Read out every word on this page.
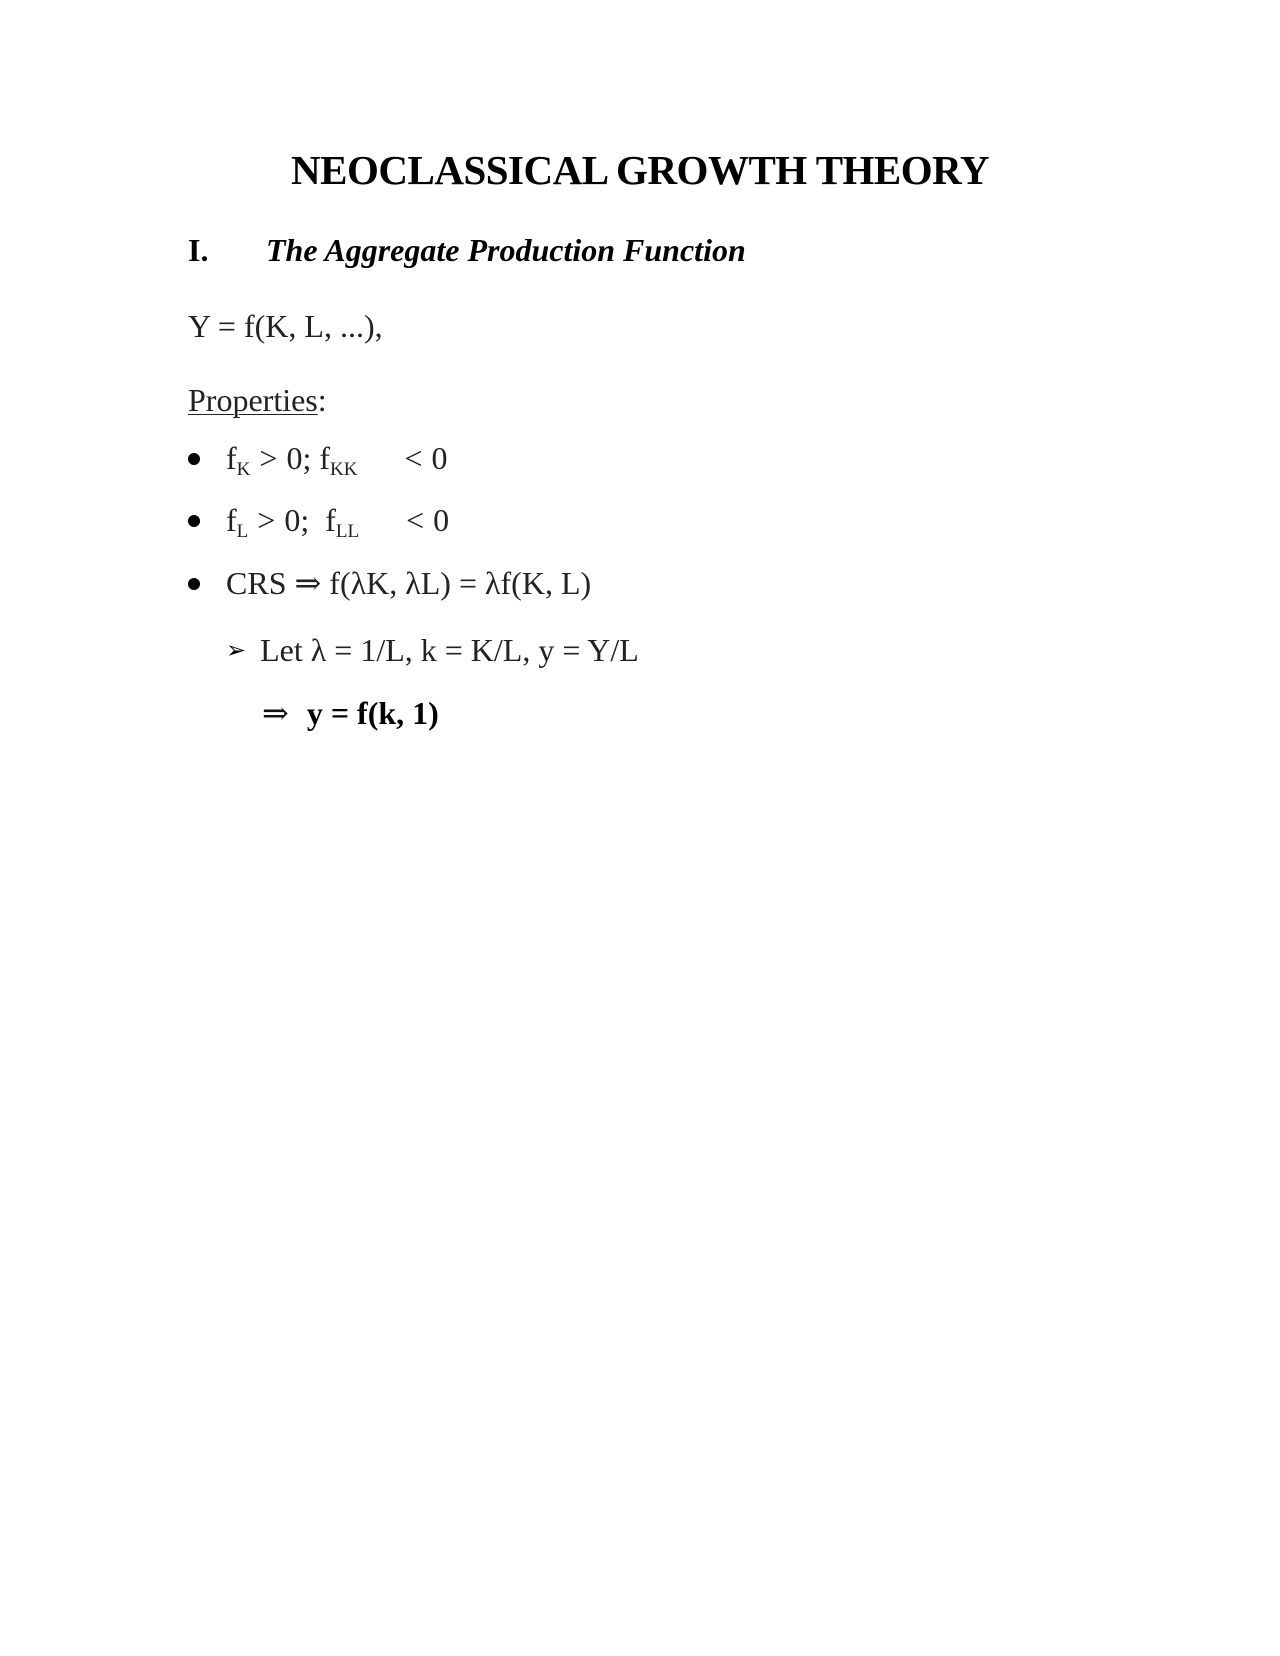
NEOCLASSICAL GROWTH THEORY
I. The Aggregate Production Function
Y = f(K, L, ...),
Properties:
$f_K > 0$; $f_{KK} < 0$
$f_L > 0$; $f_{LL} < 0$
CRS ⇒ f(λK, λL) = λf(K, L)
➢ Let λ = 1/L, k = K/L, y = Y/L
⇒ y = f(k, 1)
